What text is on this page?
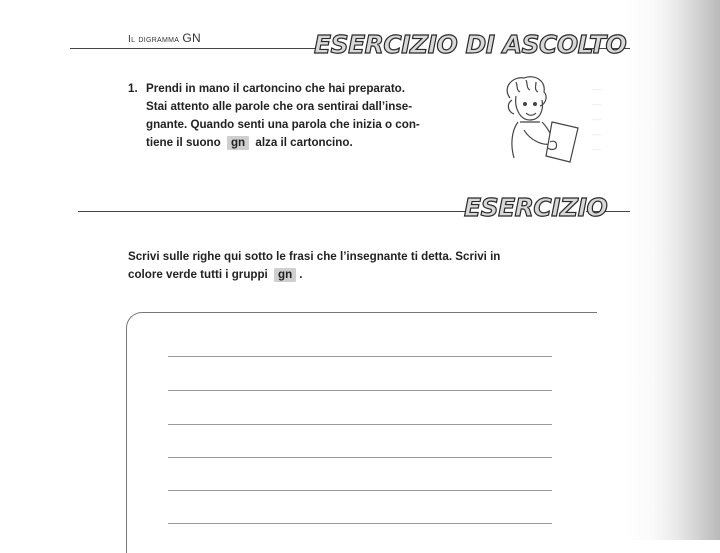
—
—
—
—
—
Il digramma GN	ESERCIZIO DI ASCOLTO
1. Prendi in mano il cartoncino che hai preparato.
Stai attento alle parole che ora sentirai dall’inse-
gnante. Quando senti una parola che inizia o con-
tiene il suono gn alza il cartoncino.
ESERCIZIO
Scrivi sulle righe qui sotto le frasi che l’insegnante ti detta. Scrivi in
colore verde tutti i gruppi gn .
